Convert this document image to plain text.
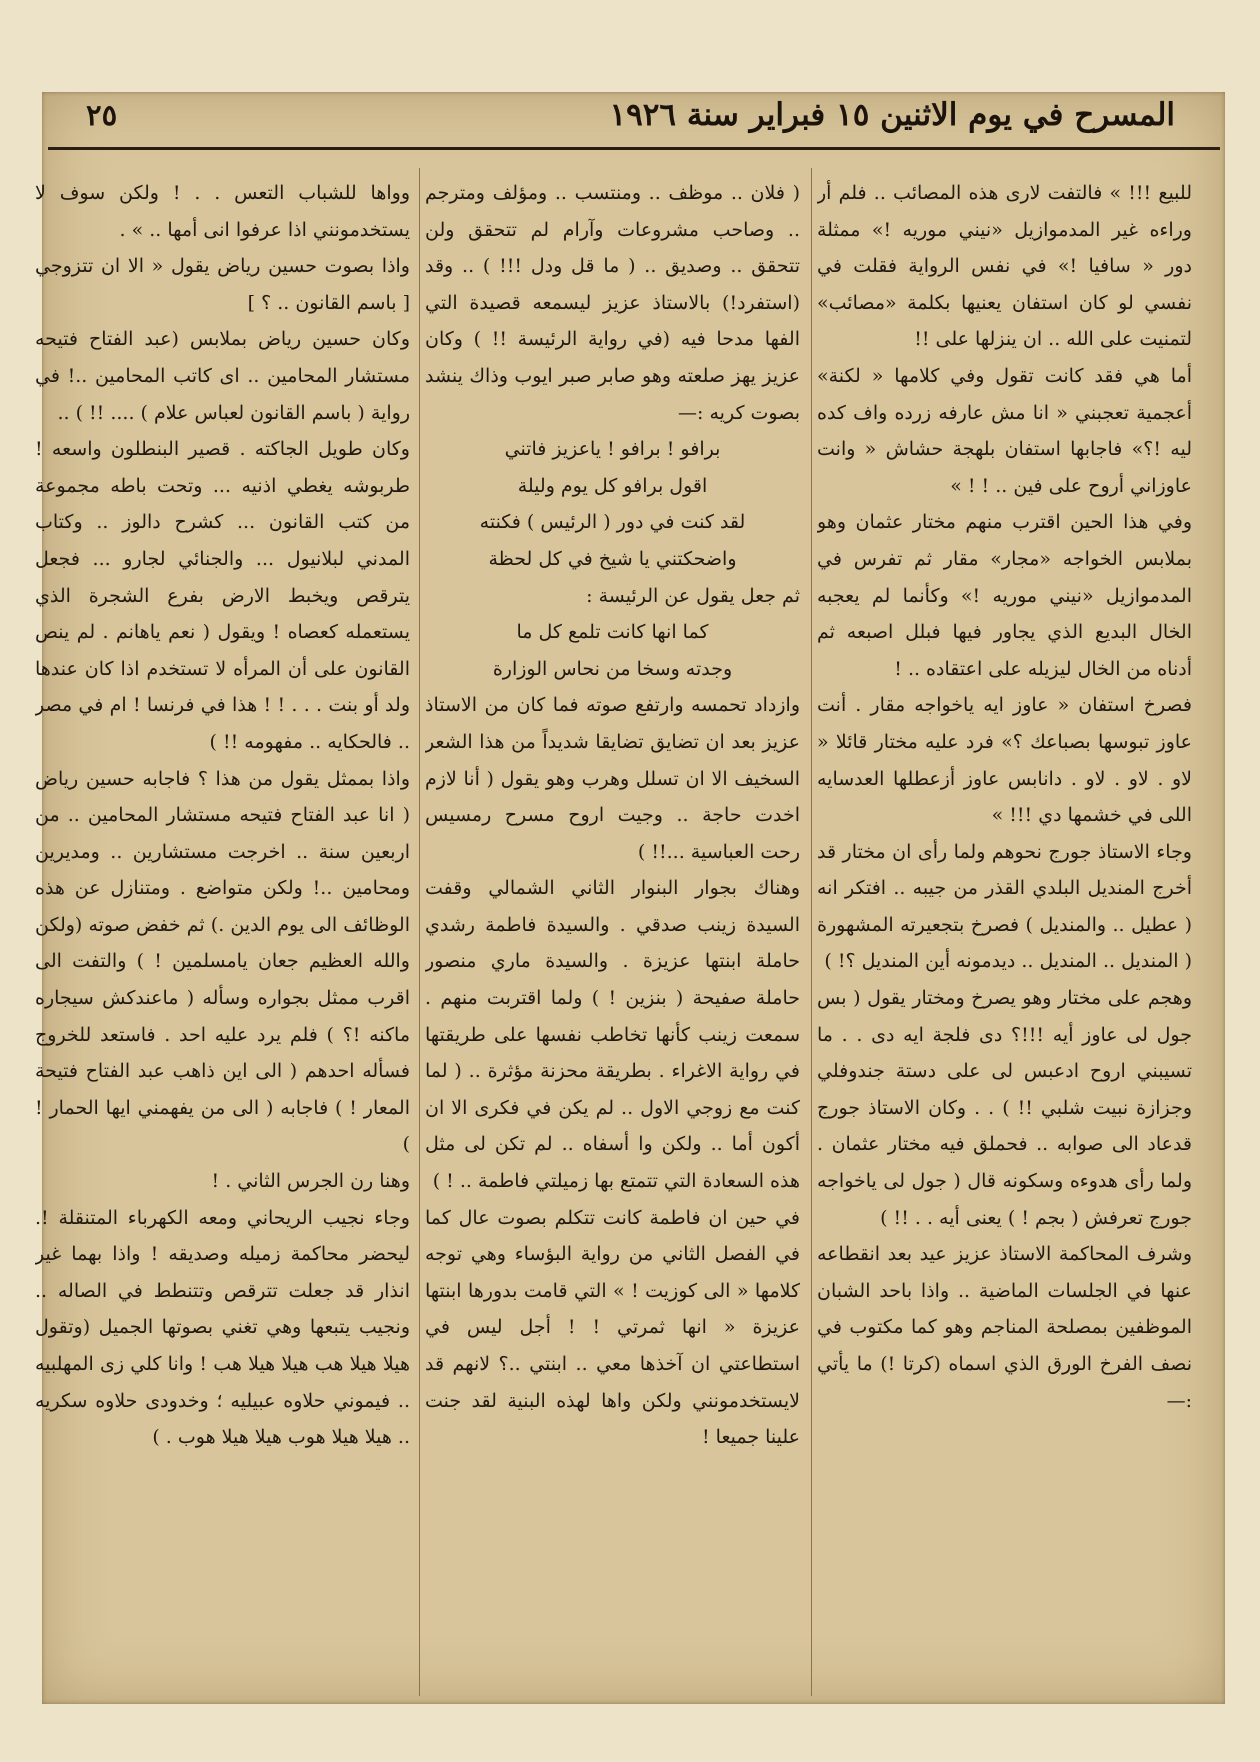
المسرح في يوم الاثنين ١٥ فبراير سنة ١٩٢٦
٢٥

للبيع !!! » فالتفت لارى هذه المصائب .. فلم أر وراءه غير المدموازيل «نيني موريه !» ممثلة دور « سافيا !» في نفس الرواية فقلت في نفسي لو كان استفان يعنيها بكلمة «مصائب» لتمنيت على الله .. ان ينزلها على !!

أما هي فقد كانت تقول وفي كلامها « لكنة» أعجمية تعجبني « انا مش عارفه زرده واف كده ليه !؟» فاجابها استفان بلهجة حشاش « وانت عاوزاني أروح على فين .. ! ! »

وفي هذا الحين اقترب منهم مختار عثمان وهو بملابس الخواجه «مجار» مقار ثم تفرس في المدموازيل «نيني موريه !» وكأنما لم يعجبه الخال البديع الذي يجاور فيها فبلل اصبعه ثم أدناه من الخال ليزيله على اعتقاده .. !

فصرخ استفان « عاوز ايه ياخواجه مقار . أنت عاوز تبوسها بصباعك ؟» فرد عليه مختار قائلا « لاو . لاو . لاو . دانابس عاوز أزعطلها العدسايه اللى في خشمها دي !!! »

وجاء الاستاذ جورج نحوهم ولما رأى ان مختار قد أخرج المنديل البلدي القذر من جيبه .. افتكر انه ( عطيل .. والمنديل ) فصرخ بتجعيرته المشهورة ( المنديل .. المنديل .. ديدمونه أين المنديل ؟! )

وهجم على مختار وهو يصرخ ومختار يقول ( بس جول لى عاوز أيه !!!؟ دى فلجة ايه دى . . ما تسيبني اروح ادعبس لى على دستة جندوفلي وجزازة نبيت شلبي !! ) . . وكان الاستاذ جورج قدعاد الى صوابه .. فحملق فيه مختار عثمان . ولما رأى هدوءه وسكونه قال ( جول لى ياخواجه جورج تعرفش ( بجم ! ) يعنى أيه . . !! )

وشرف المحاكمة الاستاذ عزيز عيد بعد انقطاعه عنها في الجلسات الماضية .. واذا باحد الشبان الموظفين بمصلحة المناجم وهو كما مكتوب في نصف الفرخ الورق الذي اسماه (كرتا !) ما يأتي :—

( فلان .. موظف .. ومنتسب .. ومؤلف ومترجم .. وصاحب مشروعات وآرام لم تتحقق ولن تتحقق .. وصديق .. ( ما قل ودل !!! ) .. وقد (استفرد!) بالاستاذ عزيز ليسمعه قصيدة التي الفها مدحا فيه (في رواية الرئيسة !! ) وكان عزيز يهز صلعته وهو صابر صبر ايوب وذاك ينشد بصوت كريه :—

برافو ! برافو ! ياعزيز فاتني

اقول برافو كل يوم وليلة

لقد كنت في دور ( الرئيس ) فكنته

واضحكتني يا شيخ في كل لحظة

ثم جعل يقول عن الرئيسة :

كما انها كانت تلمع كل ما

وجدته وسخا من نحاس الوزارة

وازداد تحمسه وارتفع صوته فما كان من الاستاذ عزيز بعد ان تضايق تضايقا شديداً من هذا الشعر السخيف الا ان تسلل وهرب وهو يقول ( أنا لازم اخدت حاجة .. وجيت اروح مسرح رمسيس رحت العباسية ...!! )

وهناك بجوار البنوار الثاني الشمالي وقفت السيدة زينب صدقي . والسيدة فاطمة رشدي حاملة ابنتها عزيزة . والسيدة ماري منصور حاملة صفيحة ( بنزين ! ) ولما اقتربت منهم . سمعت زينب كأنها تخاطب نفسها على طريقتها في رواية الاغراء . بطريقة محزنة مؤثرة .. ( لما كنت مع زوجي الاول .. لم يكن في فكرى الا ان أكون أما .. ولكن وا أسفاه .. لم تكن لى مثل هذه السعادة التي تتمتع بها زميلتي فاطمة .. ! )

في حين ان فاطمة كانت تتكلم بصوت عال كما في الفصل الثاني من رواية البؤساء وهي توجه كلامها « الى كوزيت ! » التي قامت بدورها ابنتها عزيزة « انها ثمرتي ! ! أجل ليس في استطاعتي ان آخذها معي .. ابنتي ..؟ لانهم قد لايستخدمونني ولكن واها لهذه البنية لقد جنت علينا جميعا !

وواها للشباب التعس . . ! ولكن سوف لا يستخدمونني اذا عرفوا انى أمها .. » .

واذا بصوت حسين رياض يقول « الا ان تتزوجي [ باسم القانون .. ؟ ]

وكان حسين رياض بملابس (عبد الفتاح فتيحه مستشار المحامين .. اى كاتب المحامين ..! في رواية ( باسم القانون لعباس علام ) .... !! ) ..

وكان طويل الجاكته . قصير البنطلون واسعه ! طربوشه يغطي اذنيه ... وتحت باطه مجموعة من كتب القانون ... كشرح دالوز .. وكتاب المدني لبلانيول ... والجنائي لجارو ... فجعل يترقص ويخبط الارض بفرع الشجرة الذي يستعمله كعصاه ! ويقول ( نعم ياهانم . لم ينص القانون على أن المرأه لا تستخدم اذا كان عندها ولد أو بنت . . . ! ! هذا في فرنسا ! ام في مصر .. فالحكايه .. مفهومه !! )

واذا بممثل يقول من هذا ؟ فاجابه حسين رياض ( انا عبد الفتاح فتيحه مستشار المحامين .. من اربعين سنة .. اخرجت مستشارين .. ومديرين ومحامين ..! ولكن متواضع . ومتنازل عن هذه الوظائف الى يوم الدين .) ثم خفض صوته (ولكن والله العظيم جعان يامسلمين ! ) والتفت الى اقرب ممثل بجواره وسأله ( ماعندكش سيجاره ماكنه !؟ ) فلم يرد عليه احد . فاستعد للخروج فسأله احدهم ( الى اين ذاهب عبد الفتاح فتيحة المعار ! ) فاجابه ( الى من يفهمني ايها الحمار ! )

وهنا رن الجرس الثاني . !

وجاء نجيب الريحاني ومعه الكهرباء المتنقلة !. ليحضر محاكمة زميله وصديقه ! واذا بهما غير انذار قد جعلت تترقص وتتنطط في الصاله .. ونجيب يتبعها وهي تغني بصوتها الجميل (وتقول هيلا هيلا هب هيلا هيلا هب ! وانا كلي زى المهلبيه .. فيموني حلاوه عبيليه ؛ وخدودى حلاوه سكريه .. هيلا هيلا هوب هيلا هيلا هوب . )
